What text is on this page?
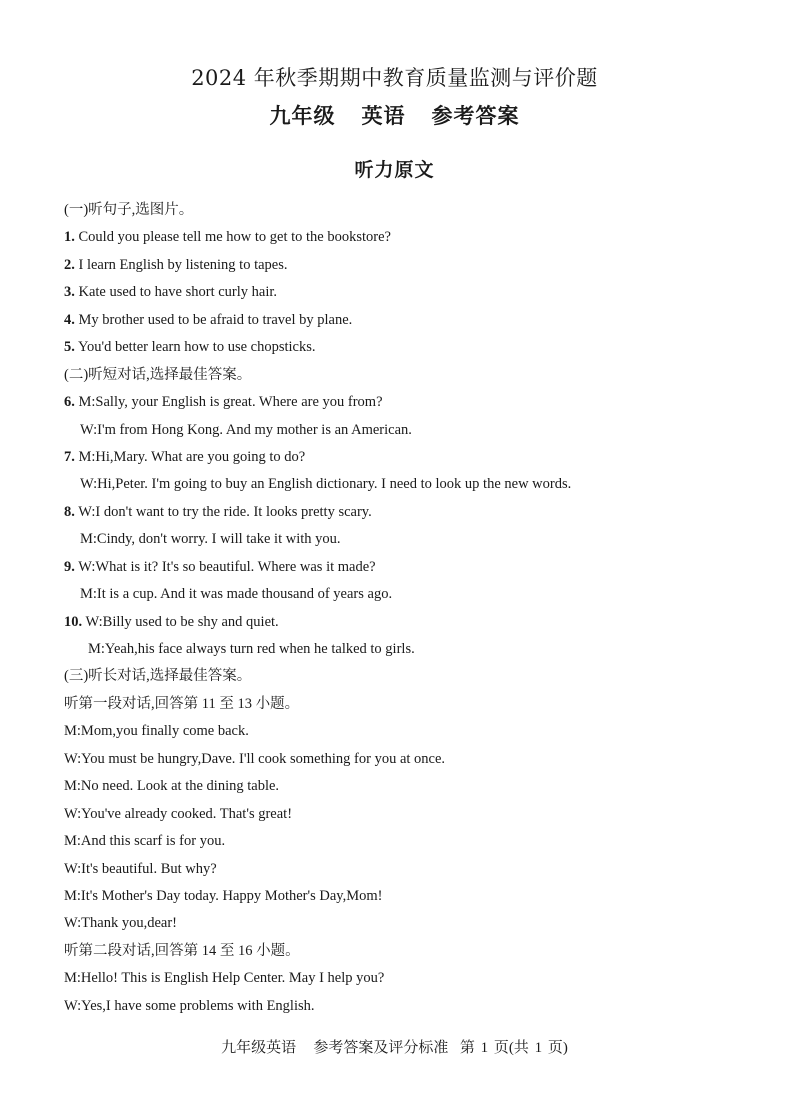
2024 年秋季期期中教育质量监测与评价题
九年级 英语 参考答案
听力原文
(一)听句子,选图片。
1. Could you please tell me how to get to the bookstore?
2. I learn English by listening to tapes.
3. Kate used to have short curly hair.
4. My brother used to be afraid to travel by plane.
5. You'd better learn how to use chopsticks.
(二)听短对话,选择最佳答案。
6. M:Sally, your English is great. Where are you from?
W:I'm from Hong Kong. And my mother is an American.
7. M:Hi,Mary. What are you going to do?
W:Hi,Peter. I'm going to buy an English dictionary. I need to look up the new words.
8. W:I don't want to try the ride. It looks pretty scary.
M:Cindy, don't worry. I will take it with you.
9. W:What is it? It's so beautiful. Where was it made?
M:It is a cup. And it was made thousand of years ago.
10. W:Billy used to be shy and quiet.
M:Yeah,his face always turn red when he talked to girls.
(三)听长对话,选择最佳答案。
听第一段对话,回答第 11 至 13 小题。
M:Mom,you finally come back.
W:You must be hungry,Dave. I'll cook something for you at once.
M:No need. Look at the dining table.
W:You've already cooked. That's great!
M:And this scarf is for you.
W:It's beautiful. But why?
M:It's Mother's Day today. Happy Mother's Day,Mom!
W:Thank you,dear!
听第二段对话,回答第 14 至 16 小题。
M:Hello! This is English Help Center. May I help you?
W:Yes,I have some problems with English.
九年级英语 参考答案及评分标准 第 1 页(共 1 页)
